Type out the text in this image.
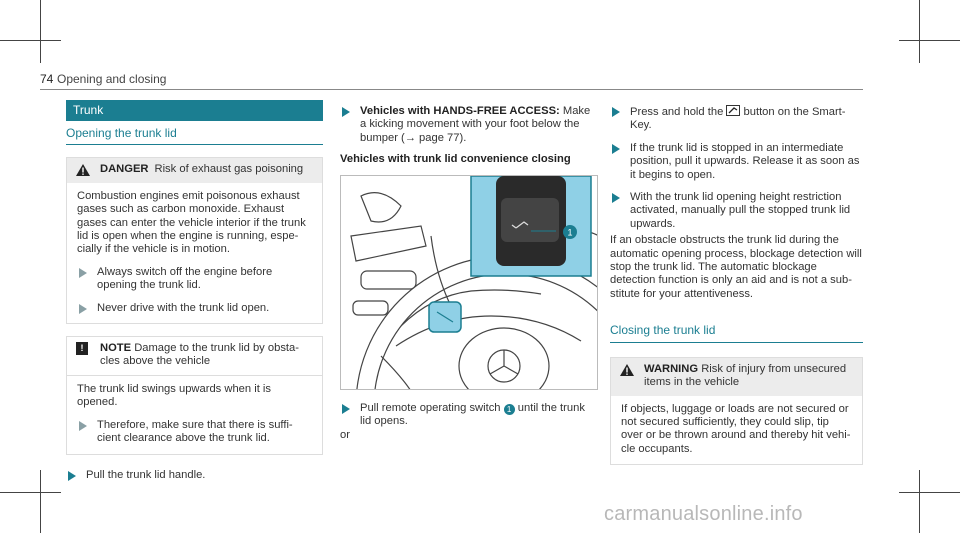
74 Opening and closing
Trunk
Opening the trunk lid
DANGER Risk of exhaust gas poisoning
Combustion engines emit poisonous exhaust gases such as carbon monoxide. Exhaust gases can enter the vehicle interior if the trunk lid is open when the engine is running, espe-cially if the vehicle is in motion.
Always switch off the engine before opening the trunk lid.
Never drive with the trunk lid open.
!	NOTE Damage to the trunk lid by obsta-cles above the vehicle
The trunk lid swings upwards when it is opened.
Therefore, make sure that there is suffi-cient clearance above the trunk lid.
Pull the trunk lid handle.
Vehicles with HANDS-FREE ACCESS: Make a kicking movement with your foot below the bumper (→ page 77).
Vehicles with trunk lid convenience closing
1
Pull remote operating switch 1 until the trunk lid opens.
or
Press and hold the button on the Smart-Key.
If the trunk lid is stopped in an intermediate position, pull it upwards. Release it as soon as it begins to open.
With the trunk lid opening height restriction activated, manually pull the stopped trunk lid upwards.
If an obstacle obstructs the trunk lid during the automatic opening process, blockage detection will stop the trunk lid. The automatic blockage detection function is only an aid and is not a sub-stitute for your attentiveness.
Closing the trunk lid
WARNING Risk of injury from unsecured items in the vehicle
If objects, luggage or loads are not secured or not secured sufficiently, they could slip, tip over or be thrown around and thereby hit vehi-cle occupants.
carmanualsonline.info
